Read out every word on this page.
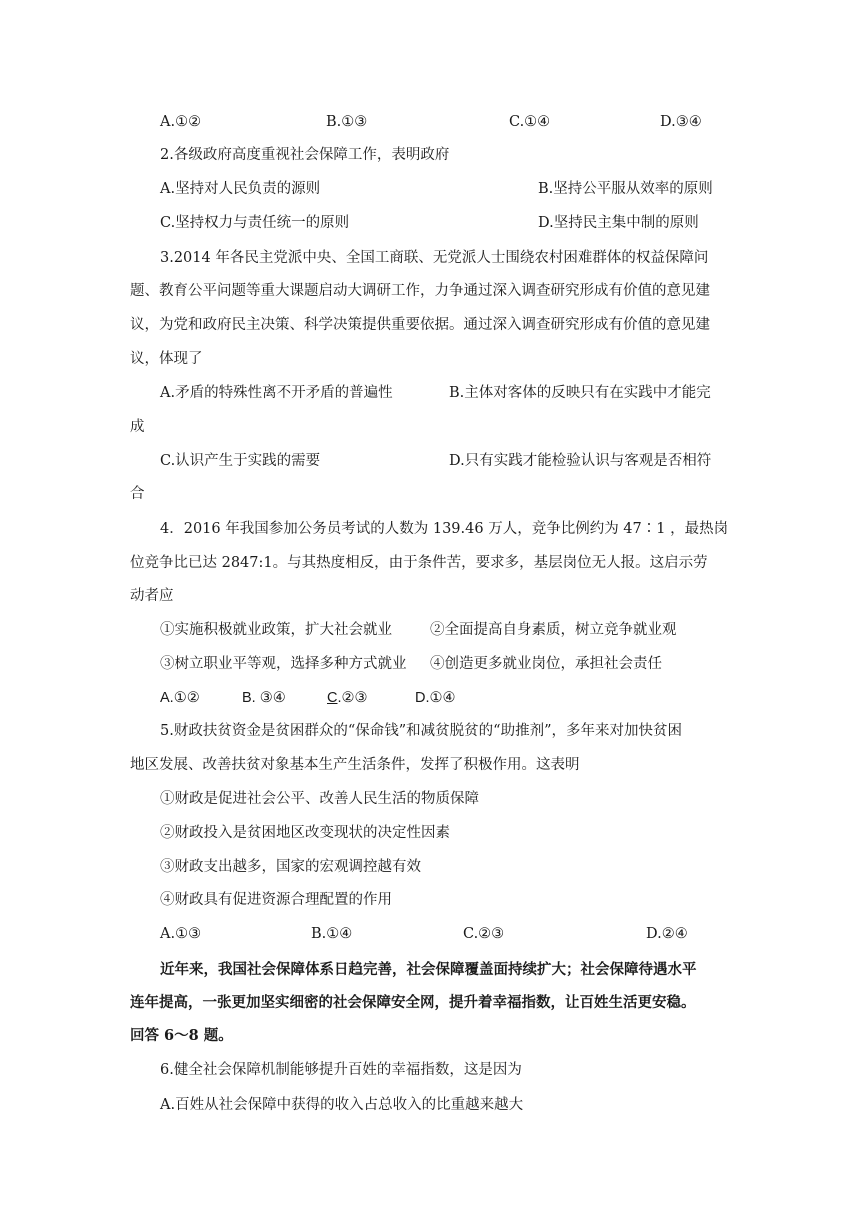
A.①②	B.①③	C.①④	D.③④
2.各级政府高度重视社会保障工作，表明政府
A.坚持对人民负责的源则	B.坚持公平服从效率的原则
C.坚持权力与责任统一的原则	D.坚持民主集中制的原则
3.2014 年各民主党派中央、全国工商联、无党派人士围绕农村困难群体的权益保障问
题、教育公平问题等重大课题启动大调研工作，力争通过深入调查研究形成有价值的意见建
议，为党和政府民主决策、科学决策提供重要依据。通过深入调查研究形成有价值的意见建
议，体现了
A.矛盾的特殊性离不开矛盾的普遍性	B.主体对客体的反映只有在实践中才能完
成
C.认识产生于实践的需要	D.只有实践才能检验认识与客观是否相符
合
4．2016 年我国参加公务员考试的人数为 139.46 万人，竞争比例约为 47∶1 ，最热岗
位竞争比已达 2847:1。与其热度相反，由于条件苦，要求多，基层岗位无人报。这启示劳
动者应
①实施积极就业政策，扩大社会就业	②全面提高自身素质，树立竞争就业观
③树立职业平等观，选择多种方式就业 ④创造更多就业岗位，承担社会责任
A.①②	B. ③④	C.②③	D.①④
5.财政扶贫资金是贫困群众的“保命钱”和减贫脱贫的“助推剂”，多年来对加快贫困
地区发展、改善扶贫对象基本生产生活条件，发挥了积极作用。这表明
①财政是促进社会公平、改善人民生活的物质保障
②财政投入是贫困地区改变现状的决定性因素
③财政支出越多，国家的宏观调控越有效
④财政具有促进资源合理配置的作用
A.①③	B.①④	C.②③	D.②④
近年来，我国社会保障体系日趋完善，社会保障覆盖面持续扩大；社会保障待遇水平
连年提高，一张更加坚实细密的社会保障安全网，提升着幸福指数，让百姓生活更安稳。
回答 6～8 题。
6.健全社会保障机制能够提升百姓的幸福指数，这是因为
A.百姓从社会保障中获得的收入占总收入的比重越来越大
